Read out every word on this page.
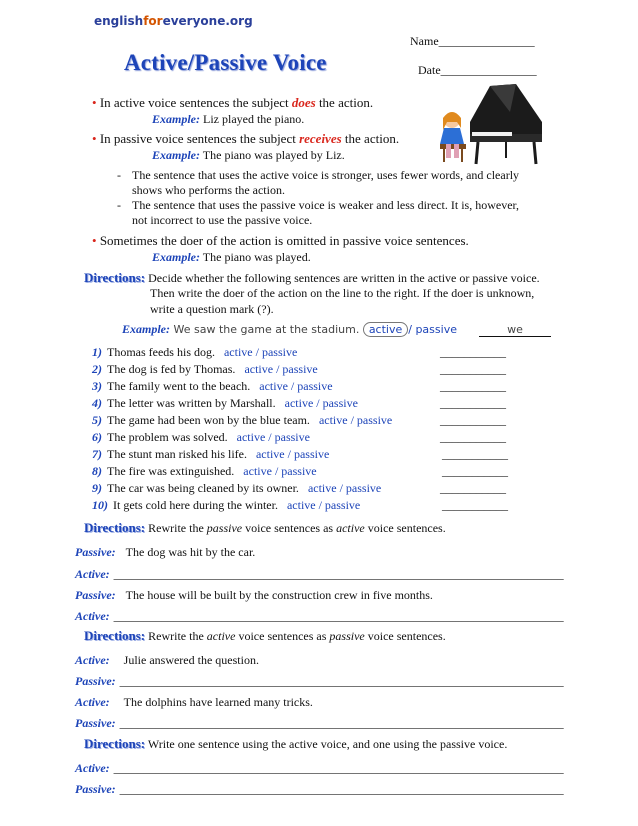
englishforeveryone.org
Name________________
Active/Passive Voice	Date________________
• In active voice sentences the subject does the action.
Example: Liz played the piano.
• In passive voice sentences the subject receives the action.
Example: The piano was played by Liz.
- The sentence that uses the active voice is stronger, uses fewer words, and clearly
shows who performs the action.
- The sentence that uses the passive voice is weaker and less direct. It is, however,
not incorrect to use the passive voice.
• Sometimes the doer of the action is omitted in passive voice sentences.
Example: The piano was played.
Directions: Decide whether the following sentences are written in the active or passive voice.
Then write the doer of the action on the line to the right. If the doer is unknown,
write a question mark (?).
Example: We saw the game at the stadium. active / passive	we
1) Thomas feeds his dog. active / passive	___________
2) The dog is fed by Thomas. active / passive	___________
3) The family went to the beach. active / passive	___________
4) The letter was written by Marshall. active / passive	___________
5) The game had been won by the blue team. active / passive	___________
6) The problem was solved. active / passive	___________
7) The stunt man risked his life. active / passive	___________
8) The fire was extinguished. active / passive	___________
9) The car was being cleaned by its owner. active / passive	___________
10) It gets cold here during the winter. active / passive	___________
Directions: Rewrite the passive voice sentences as active voice sentences.
Passive: The dog was hit by the car.
Active: ___________________________________________________________________________
Passive: The house will be built by the construction crew in five months.
Active: ___________________________________________________________________________
Directions: Rewrite the active voice sentences as passive voice sentences.
Active: Julie answered the question.
Passive: __________________________________________________________________________
Active: The dolphins have learned many tricks.
Passive: __________________________________________________________________________
Directions: Write one sentence using the active voice, and one using the passive voice.
Active: ___________________________________________________________________________
Passive: __________________________________________________________________________
